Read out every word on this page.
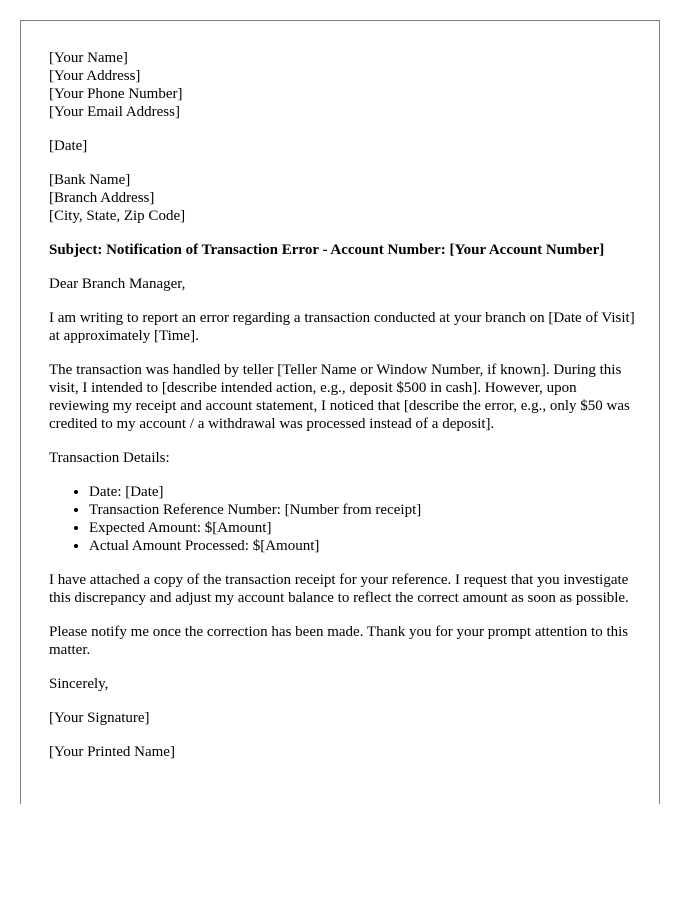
[Your Name]
[Your Address]
[Your Phone Number]
[Your Email Address]
[Date]
[Bank Name]
[Branch Address]
[City, State, Zip Code]

Subject: Notification of Transaction Error - Account Number: [Your Account Number]

Dear Branch Manager,

I am writing to report an error regarding a transaction conducted at your branch on [Date of Visit] at approximately [Time].

The transaction was handled by teller [Teller Name or Window Number, if known]. During this visit, I intended to [describe intended action, e.g., deposit $500 in cash]. However, upon reviewing my receipt and account statement, I noticed that [describe the error, e.g., only $50 was credited to my account / a withdrawal was processed instead of a deposit].

Transaction Details:

• Date: [Date]
• Transaction Reference Number: [Number from receipt]
• Expected Amount: $[Amount]
• Actual Amount Processed: $[Amount]

I have attached a copy of the transaction receipt for your reference. I request that you investigate this discrepancy and adjust my account balance to reflect the correct amount as soon as possible.

Please notify me once the correction has been made. Thank you for your prompt attention to this matter.

Sincerely,

[Your Signature]

[Your Printed Name]
